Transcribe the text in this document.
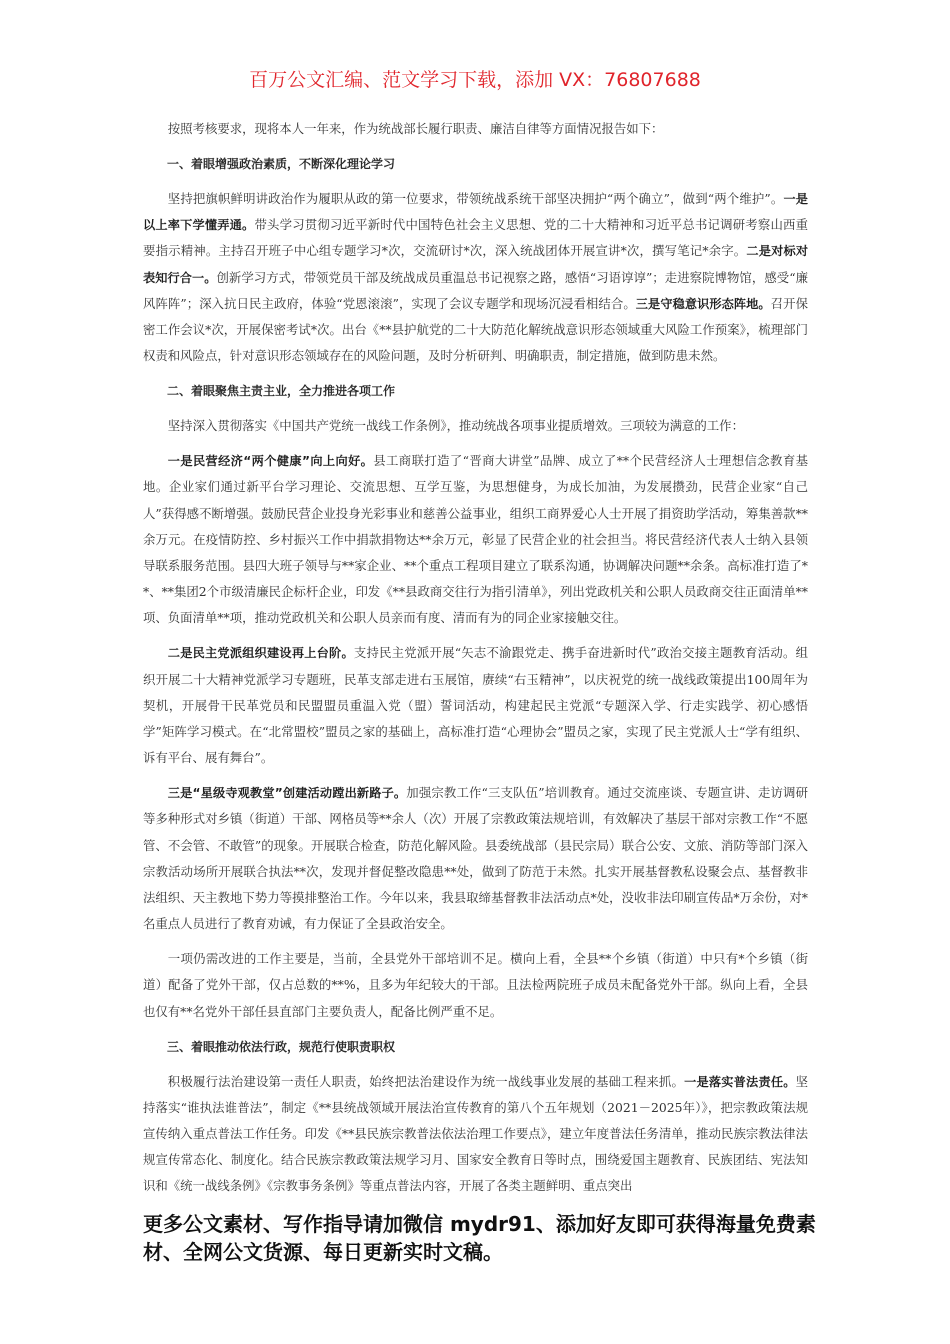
百万公文汇编、范文学习下载，添加 VX：76807688

按照考核要求，现将本人一年来，作为统战部长履行职责、廉洁自律等方面情况报告如下：

一、着眼增强政治素质，不断深化理论学习

坚持把旗帜鲜明讲政治作为履职从政的第一位要求，带领统战系统干部坚决拥护“两个确立”，做到“两个维护”。一是以上率下学懂弄通。带头学习贯彻习近平新时代中国特色社会主义思想、党的二十大精神和习近平总书记调研考察山西重要指示精神。主持召开班子中心组专题学习*次，交流研讨*次，深入统战团体开展宣讲*次，撰写笔记*余字。二是对标对表知行合一。创新学习方式，带领党员干部及统战成员重温总书记视察之路，感悟“习语谆谆”；走进察院博物馆，感受“廉风阵阵”；深入抗日民主政府，体验“党恩滚滚”，实现了会议专题学和现场沉浸看相结合。三是守稳意识形态阵地。召开保密工作会议*次，开展保密考试*次。出台《**县护航党的二十大防范化解统战意识形态领域重大风险工作预案》，梳理部门权责和风险点，针对意识形态领域存在的风险问题，及时分析研判、明确职责，制定措施，做到防患未然。

二、着眼聚焦主责主业，全力推进各项工作

坚持深入贯彻落实《中国共产党统一战线工作条例》，推动统战各项事业提质增效。三项较为满意的工作：

一是民营经济“两个健康”向上向好。县工商联打造了“晋商大讲堂”品牌、成立了**个民营经济人士理想信念教育基地。企业家们通过新平台学习理论、交流思想、互学互鉴，为思想健身，为成长加油，为发展攒劲，民营企业家“自己人”获得感不断增强。鼓励民营企业投身光彩事业和慈善公益事业，组织工商界爱心人士开展了捐资助学活动，筹集善款**余万元。在疫情防控、乡村振兴工作中捐款捐物达**余万元，彰显了民营企业的社会担当。将民营经济代表人士纳入县领导联系服务范围。县四大班子领导与**家企业、**个重点工程项目建立了联系沟通，协调解决问题**余条。高标准打造了**、**集团2个市级清廉民企标杆企业，印发《**县政商交往行为指引清单》，列出党政机关和公职人员政商交往正面清单**项、负面清单**项，推动党政机关和公职人员亲而有度、清而有为的同企业家接触交往。

二是民主党派组织建设再上台阶。支持民主党派开展“矢志不渝跟党走、携手奋进新时代”政治交接主题教育活动。组织开展二十大精神党派学习专题班，民革支部走进右玉展馆，赓续“右玉精神”，以庆祝党的统一战线政策提出100周年为契机，开展骨干民革党员和民盟盟员重温入党（盟）誓词活动，构建起民主党派“专题深入学、行走实践学、初心感悟学”矩阵学习模式。在“北常盟校”盟员之家的基础上，高标准打造“心理协会”盟员之家，实现了民主党派人士“学有组织、诉有平台、展有舞台”。

三是“星级寺观教堂”创建活动蹚出新路子。加强宗教工作“三支队伍”培训教育。通过交流座谈、专题宣讲、走访调研等多种形式对乡镇（街道）干部、网格员等**余人（次）开展了宗教政策法规培训，有效解决了基层干部对宗教工作“不愿管、不会管、不敢管”的现象。开展联合检查，防范化解风险。县委统战部（县民宗局）联合公安、文旅、消防等部门深入宗教活动场所开展联合执法**次，发现并督促整改隐患**处，做到了防范于未然。扎实开展基督教私设聚会点、基督教非法组织、天主教地下势力等摸排整治工作。今年以来，我县取缔基督教非法活动点*处，没收非法印刷宣传品*万余份，对*名重点人员进行了教育劝诫，有力保证了全县政治安全。

一项仍需改进的工作主要是，当前，全县党外干部培训不足。横向上看，全县**个乡镇（街道）中只有*个乡镇（街道）配备了党外干部，仅占总数的**%，且多为年纪较大的干部。且法检两院班子成员未配备党外干部。纵向上看，全县也仅有**名党外干部任县直部门主要负责人，配备比例严重不足。

三、着眼推动依法行政，规范行使职责职权

积极履行法治建设第一责任人职责，始终把法治建设作为统一战线事业发展的基础工程来抓。一是落实普法责任。坚持落实“谁执法谁普法”，制定《**县统战领域开展法治宣传教育的第八个五年规划（2021－2025年）》，把宗教政策法规宣传纳入重点普法工作任务。印发《**县民族宗教普法依法治理工作要点》，建立年度普法任务清单，推动民族宗教法律法规宣传常态化、制度化。结合民族宗教政策法规学习月、国家安全教育日等时点，围绕爱国主题教育、民族团结、宪法知识和《统一战线条例》《宗教事务条例》等重点普法内容，开展了各类主题鲜明、重点突出

更多公文素材、写作指导请加微信 mydr91、添加好友即可获得海量免费素材、全网公文货源、每日更新实时文稿。
